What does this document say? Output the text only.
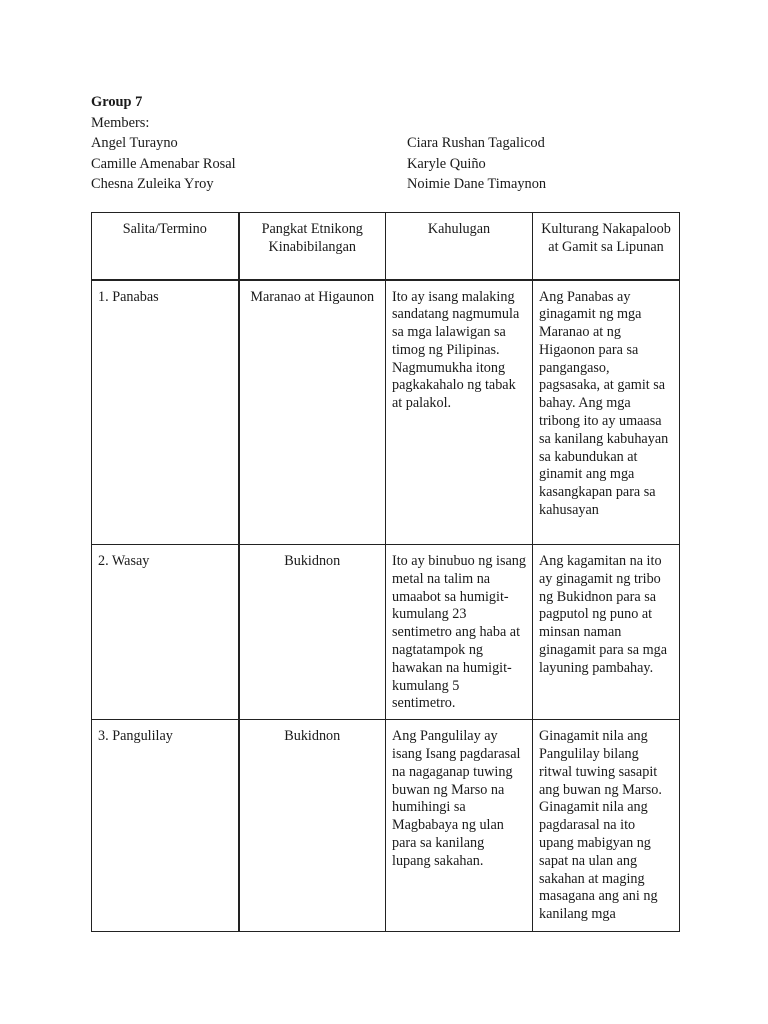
Group 7

Members:

Angel Turayno	Ciara Rushan Tagalicod
Camille Amenabar Rosal	Karyle Quiño
Chesna Zuleika Yroy	Noimie Dane Timaynon
Salita/Termino	Pangkat Etnikong Kinabibilangan	Kahulugan	Kulturang Nakapaloob at Gamit sa Lipunan
1. Panabas	Maranao at Higaunon	Ito ay isang malaking sandatang nagmumula sa mga lalawigan sa timog ng Pilipinas. Nagmumukha itong pagkakahalo ng tabak at palakol.	Ang Panabas ay ginagamit ng mga Maranao at ng Higaonon para sa pangangaso, pagsasaka, at gamit sa bahay. Ang mga tribong ito ay umaasa sa kanilang kabuhayan sa kabundukan at ginamit ang mga kasangkapan para sa kahusayan
2. Wasay	Bukidnon	Ito ay binubuo ng isang metal na talim na umaabot sa humigit-kumulang 23 sentimetro ang haba at nagtatampok ng hawakan na humigit-kumulang 5 sentimetro.	Ang kagamitan na ito ay ginagamit ng tribo ng Bukidnon para sa pagputol ng puno at minsan naman ginagamit para sa mga layuning pambahay.
3. Pangulilay	Bukidnon	Ang Pangulilay ay isang Isang pagdarasal na nagaganap tuwing buwan ng Marso na humihingi sa Magbabaya ng ulan para sa kanilang lupang sakahan.	Ginagamit nila ang Pangulilay bilang ritwal tuwing sasapit ang buwan ng Marso. Ginagamit nila ang pagdarasal na ito upang mabigyan ng sapat na ulan ang sakahan at maging masagana ang ani ng kanilang mga
